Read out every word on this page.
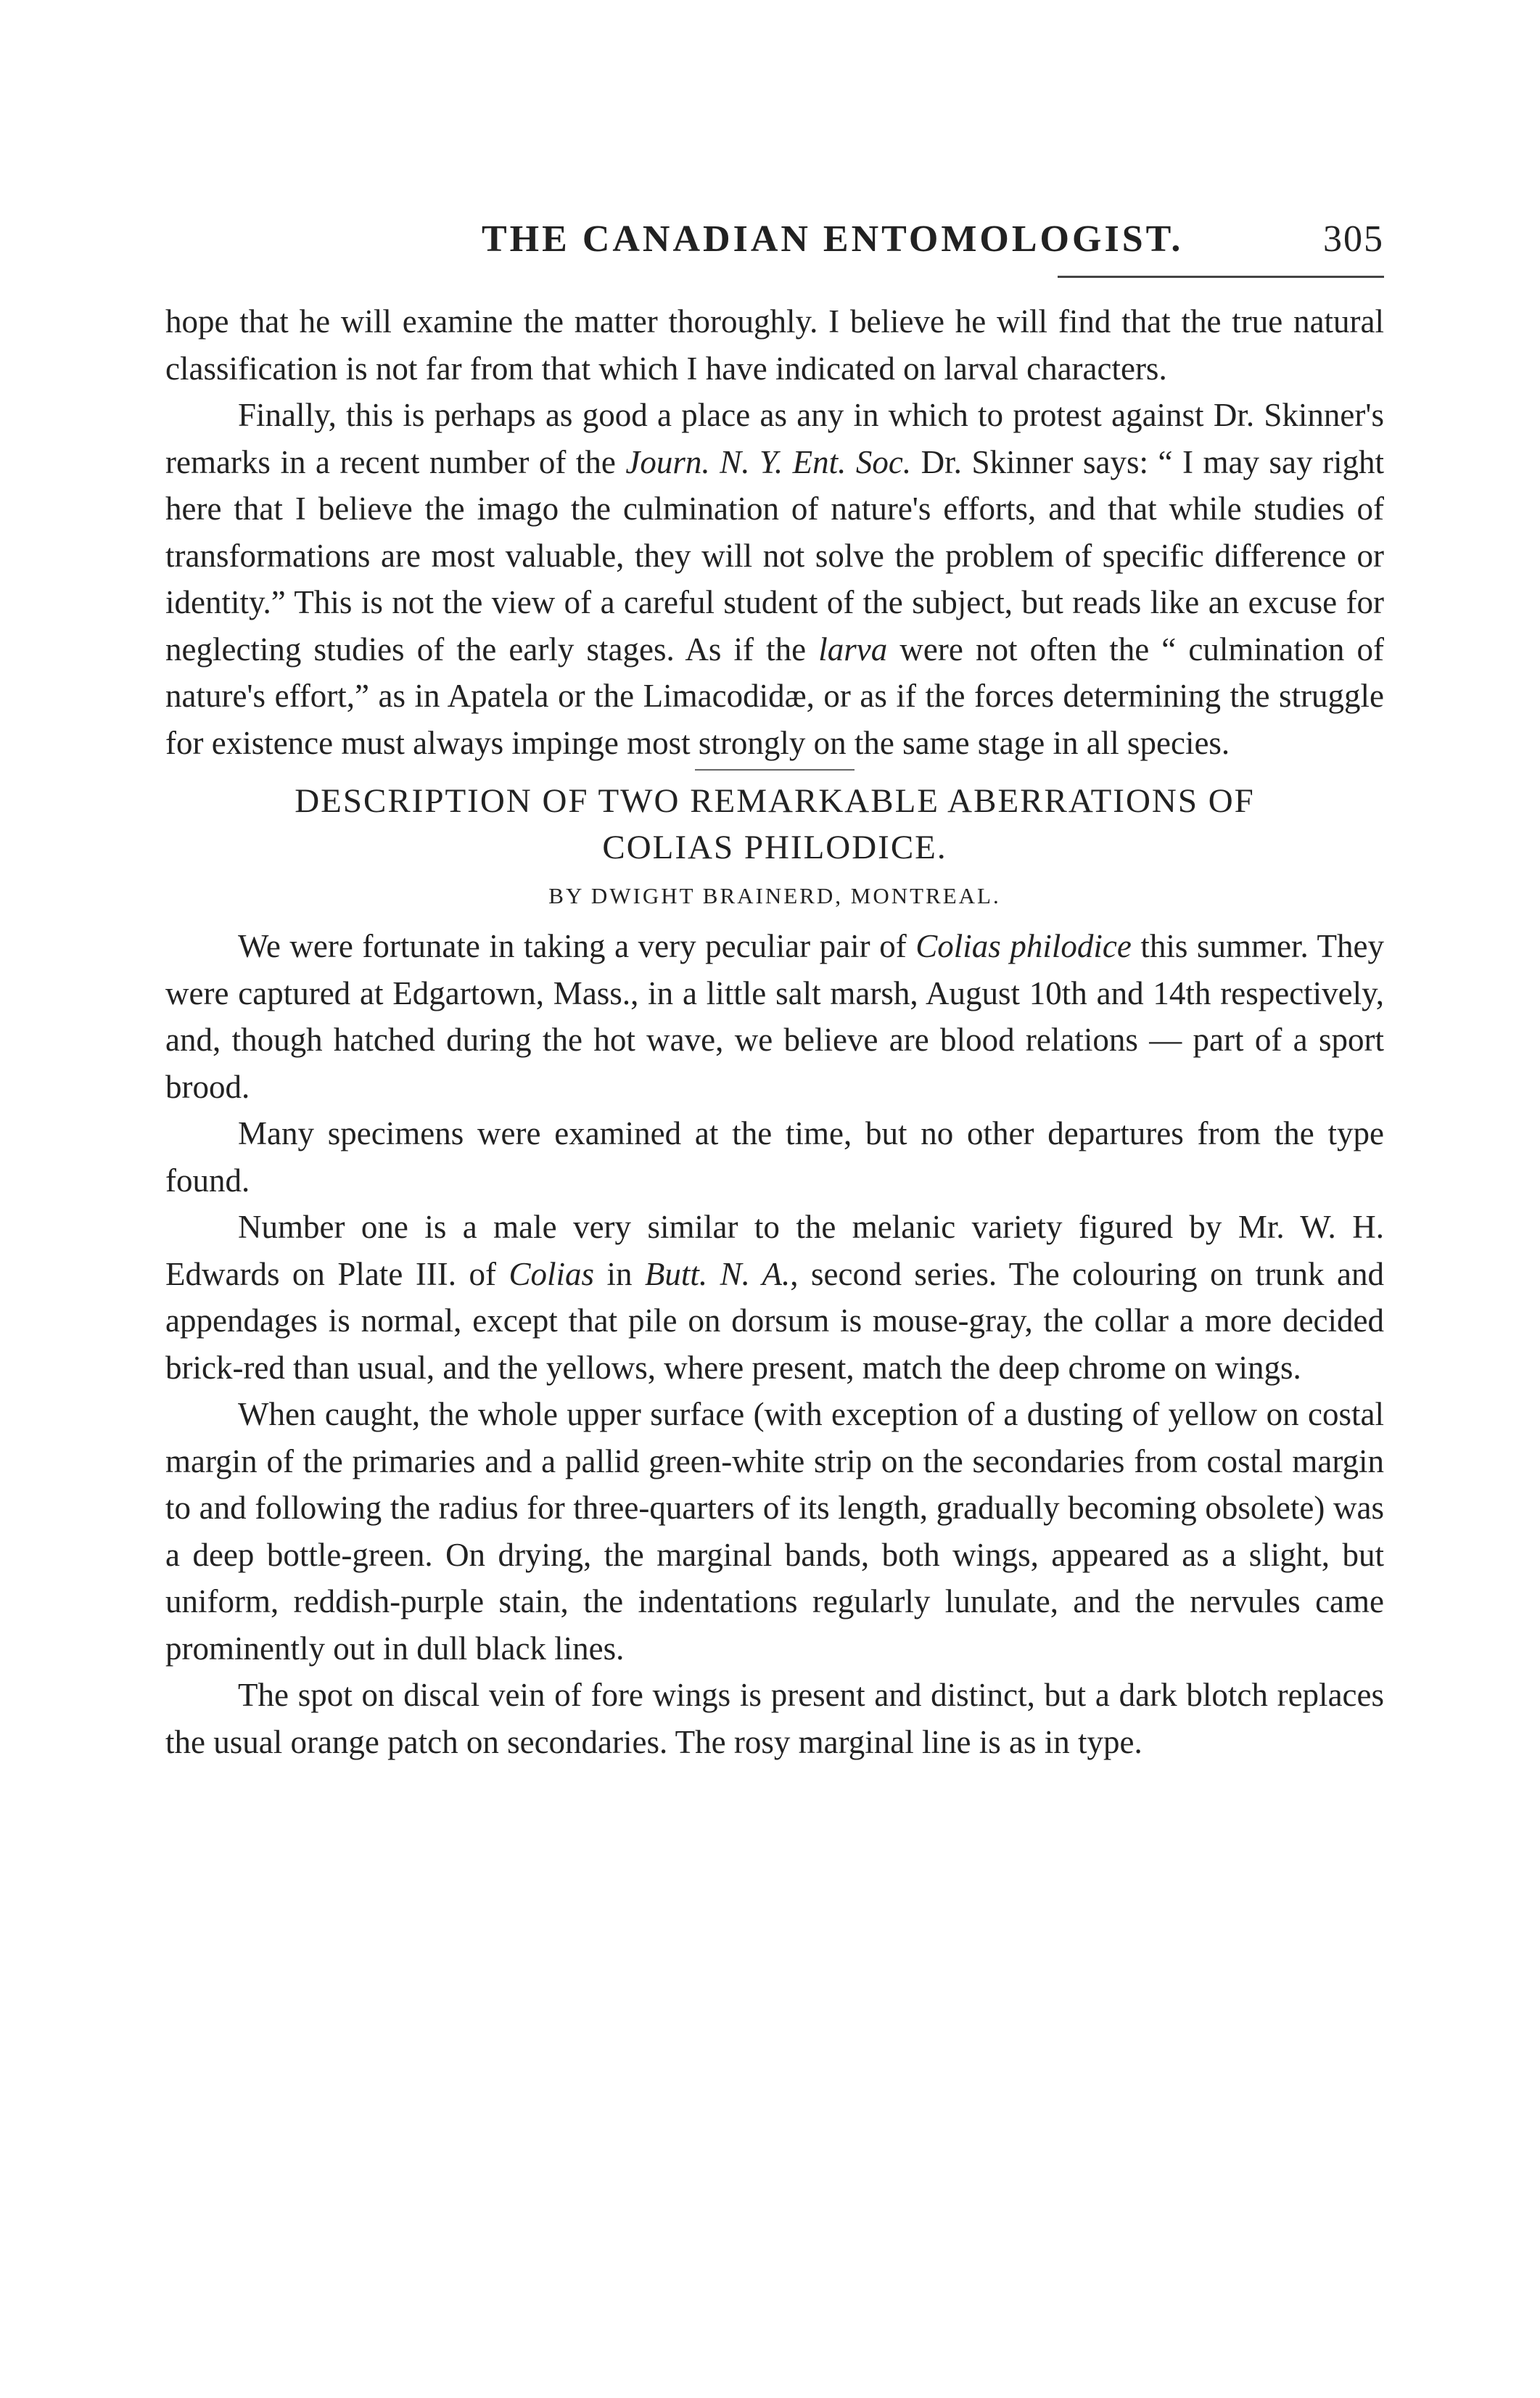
THE CANADIAN ENTOMOLOGIST.	305

hope that he will examine the matter thoroughly. I believe he will find that the true natural classification is not far from that which I have indicated on larval characters.

Finally, this is perhaps as good a place as any in which to protest against Dr. Skinner's remarks in a recent number of the Journ. N. Y. Ent. Soc. Dr. Skinner says: “ I may say right here that I believe the imago the culmination of nature's efforts, and that while studies of transformations are most valuable, they will not solve the problem of specific difference or identity.” This is not the view of a careful student of the subject, but reads like an excuse for neglecting studies of the early stages. As if the larva were not often the “ culmination of nature's effort,” as in Apatela or the Limacodidæ, or as if the forces determining the struggle for existence must always impinge most strongly on the same stage in all species.

DESCRIPTION OF TWO REMARKABLE ABERRATIONS OF
COLIAS PHILODICE.
BY DWIGHT BRAINERD, MONTREAL.

We were fortunate in taking a very peculiar pair of Colias philodice this summer. They were captured at Edgartown, Mass., in a little salt marsh, August 10th and 14th respectively, and, though hatched during the hot wave, we believe are blood relations — part of a sport brood.

Many specimens were examined at the time, but no other departures from the type found.

Number one is a male very similar to the melanic variety figured by Mr. W. H. Edwards on Plate III. of Colias in Butt. N. A., second series. The colouring on trunk and appendages is normal, except that pile on dorsum is mouse-gray, the collar a more decided brick-red than usual, and the yellows, where present, match the deep chrome on wings.

When caught, the whole upper surface (with exception of a dusting of yellow on costal margin of the primaries and a pallid green-white strip on the secondaries from costal margin to and following the radius for three-quarters of its length, gradually becoming obsolete) was a deep bottle-green. On drying, the marginal bands, both wings, appeared as a slight, but uniform, reddish-purple stain, the indentations regularly lunulate, and the nervules came prominently out in dull black lines.

The spot on discal vein of fore wings is present and distinct, but a dark blotch replaces the usual orange patch on secondaries. The rosy marginal line is as in type.
